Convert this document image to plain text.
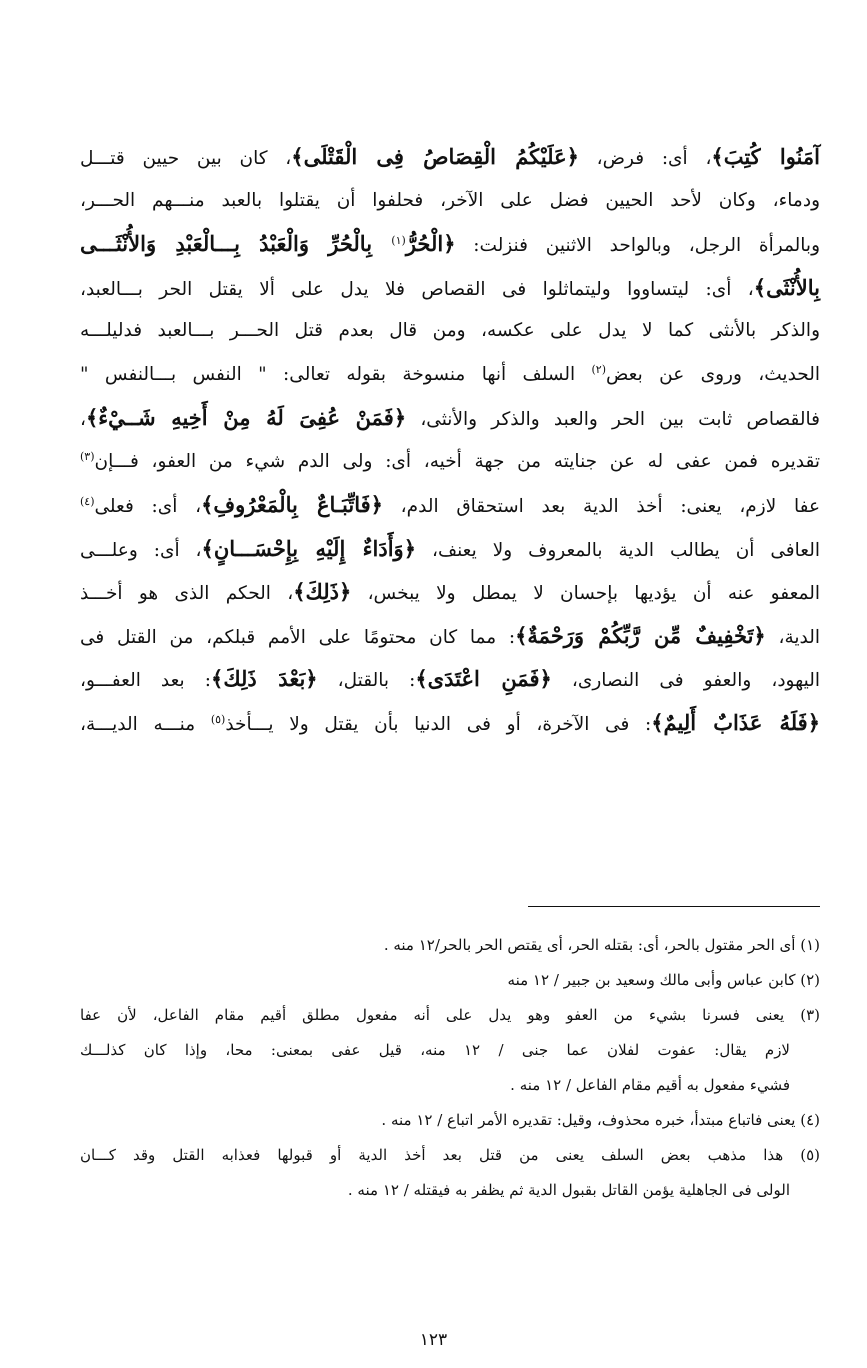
آمَنُوا كُتِبَ﴾، أى: فرض، ﴿عَلَيْكُمُ الْقِصَاصُ فِى الْقَتْلَى﴾، كان بين حيين قتـــل
ودماء، وكان لأحد الحيين فضل على الآخر، فحلفوا أن يقتلوا بالعبد منـــهم الحـــر،
وبالمرأة الرجل، وبالواحد الاثنين فنزلت: ﴿الْحُرُّ$^{(١)}$ بِالْحُرِّ وَالْعَبْدُ بِـــالْعَبْدِ وَالأُنْثَـــى
بِالأُنْثَى﴾، أى: ليتساووا وليتماثلوا فى القصاص فلا يدل على ألا يقتل الحر بـــالعبد،
والذكر بالأنثى كما لا يدل على عكسه، ومن قال بعدم قتل الحـــر بـــالعبد فدليلـــه
الحديث، وروى عن بعض$^{(٢)}$ السلف أنها منسوخة بقوله تعالى: " النفس بـــالنفس "
فالقصاص ثابت بين الحر والعبد والذكر والأنثى، ﴿فَمَنْ عُفِىَ لَهُ مِنْ أَخِيهِ شَــيْءٌ﴾،
تقديره فمن عفى له عن جنايته من جهة أخيه، أى: ولى الدم شيء من العفو، فـــإن$^{(٣)}$
عفا لازم، يعنى: أخذ الدية بعد استحقاق الدم، ﴿فَاتِّبَـاعٌ بِالْمَعْرُوفِ﴾، أى: فعلى$^{(٤)}$
العافى أن يطالب الدية بالمعروف ولا يعنف، ﴿وَأَدَاءٌ إِلَيْهِ بِإِحْسَـــانٍ﴾، أى: وعلـــى
المعفو عنه أن يؤديها بإحسان لا يمطل ولا يبخس، ﴿ذَلِكَ﴾، الحكم الذى هو أخـــذ
الدية، ﴿تَخْفِيفٌ مِّن رَّبِّكُمْ وَرَحْمَةٌ﴾: مما كان محتومًا على الأمم قبلكم، من القتل فى
اليهود، والعفو فى النصارى، ﴿فَمَنِ اعْتَدَى﴾: بالقتل، ﴿بَعْدَ ذَلِكَ﴾: بعد العفـــو،
﴿فَلَهُ عَذَابٌ أَلِيمٌ﴾: فى الآخرة، أو فى الدنيا بأن يقتل ولا يـــأخذ$^{(٥)}$ منـــه الديـــة،
(١) أى الحر مقتول بالحر، أى: بقتله الحر، أى يقتص الحر بالحر/١٢ منه .
(٢) كابن عباس وأبى مالك وسعيد بن جبير / ١٢ منه
(٣) يعنى فسرنا بشيء من العفو وهو يدل على أنه مفعول مطلق أقيم مقام الفاعل، لأن عفا
لازم يقال: عفوت لفلان عما جنى / ١٢ منه، قيل عفى بمعنى: محا، وإذا كان كذلـــك
فشيء مفعول به أقيم مقام الفاعل / ١٢ منه .
(٤) يعنى فاتباع مبتدأ، خبره محذوف، وقيل: تقديره الأمر اتباع / ١٢ منه .
(٥) هذا مذهب بعض السلف يعنى من قتل بعد أخذ الدية أو قبولها فعذابه القتل وقد كـــان
الولى فى الجاهلية يؤمن القاتل بقبول الدية ثم يظفر به فيقتله / ١٢ منه .
١٢٣
